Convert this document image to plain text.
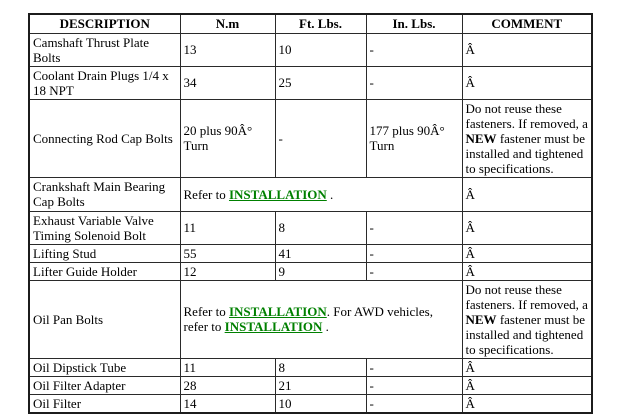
DESCRIPTION	N.m	Ft. Lbs.	In. Lbs.	COMMENT
Camshaft Thrust Plate Bolts	13	10	-	Â
Coolant Drain Plugs 1/4 x 18 NPT	34	25	-	Â
Connecting Rod Cap Bolts	20 plus 90Â° Turn	-	177 plus 90Â° Turn	Do not reuse these fasteners. If removed, a NEW fastener must be installed and tightened to specifications.
Crankshaft Main Bearing Cap Bolts	Refer to INSTALLATION .			Â
Exhaust Variable Valve Timing Solenoid Bolt	11	8	-	Â
Lifting Stud	55	41	-	Â
Lifter Guide Holder	12	9	-	Â
Oil Pan Bolts	Refer to INSTALLATION. For AWD vehicles, refer to INSTALLATION .			Do not reuse these fasteners. If removed, a NEW fastener must be installed and tightened to specifications.
Oil Dipstick Tube	11	8	-	Â
Oil Filter Adapter	28	21	-	Â
Oil Filter	14	10	-	Â
